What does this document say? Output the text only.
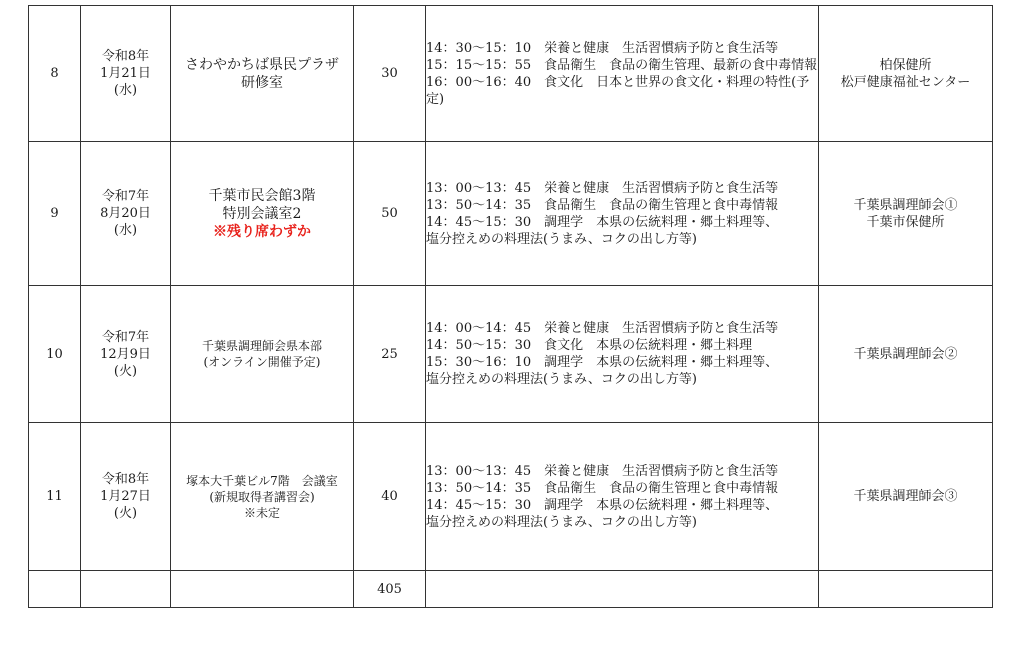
8	令和8年
1月21日
(水)	さわやかちば県民プラザ
研修室	30	14：30〜15：10　栄養と健康　生活習慣病予防と食生活等
15：15〜15：55　食品衛生　食品の衛生管理、最新の食中毒情報
16：00〜16：40　食文化　日本と世界の食文化・料理の特性(予定)	柏保健所
松戸健康福祉センター

9	令和7年
8月20日
(水)	千葉市民会館3階
特別会議室2
※残り席わずか	50	13：00〜13：45　栄養と健康　生活習慣病予防と食生活等
13：50〜14：35　食品衛生　食品の衛生管理と食中毒情報
14：45〜15：30　調理学　本県の伝統料理・郷土料理等、
塩分控えめの料理法(うまみ、コクの出し方等)	千葉県調理師会①
千葉市保健所

10	令和7年
12月9日
(火)	千葉県調理師会県本部
(オンライン開催予定)	25	14：00〜14：45　栄養と健康　生活習慣病予防と食生活等
14：50〜15：30　食文化　本県の伝統料理・郷土料理
15：30〜16：10　調理学　本県の伝統料理・郷土料理等、
塩分控えめの料理法(うまみ、コクの出し方等)	千葉県調理師会②

11	令和8年
1月27日
(火)	塚本大千葉ビル7階　会議室
(新規取得者講習会)
※未定	40	13：00〜13：45　栄養と健康　生活習慣病予防と食生活等
13：50〜14：35　食品衛生　食品の衛生管理と食中毒情報
14：45〜15：30　調理学　本県の伝統料理・郷土料理等、
塩分控えめの料理法(うまみ、コクの出し方等)	千葉県調理師会③

			405		
